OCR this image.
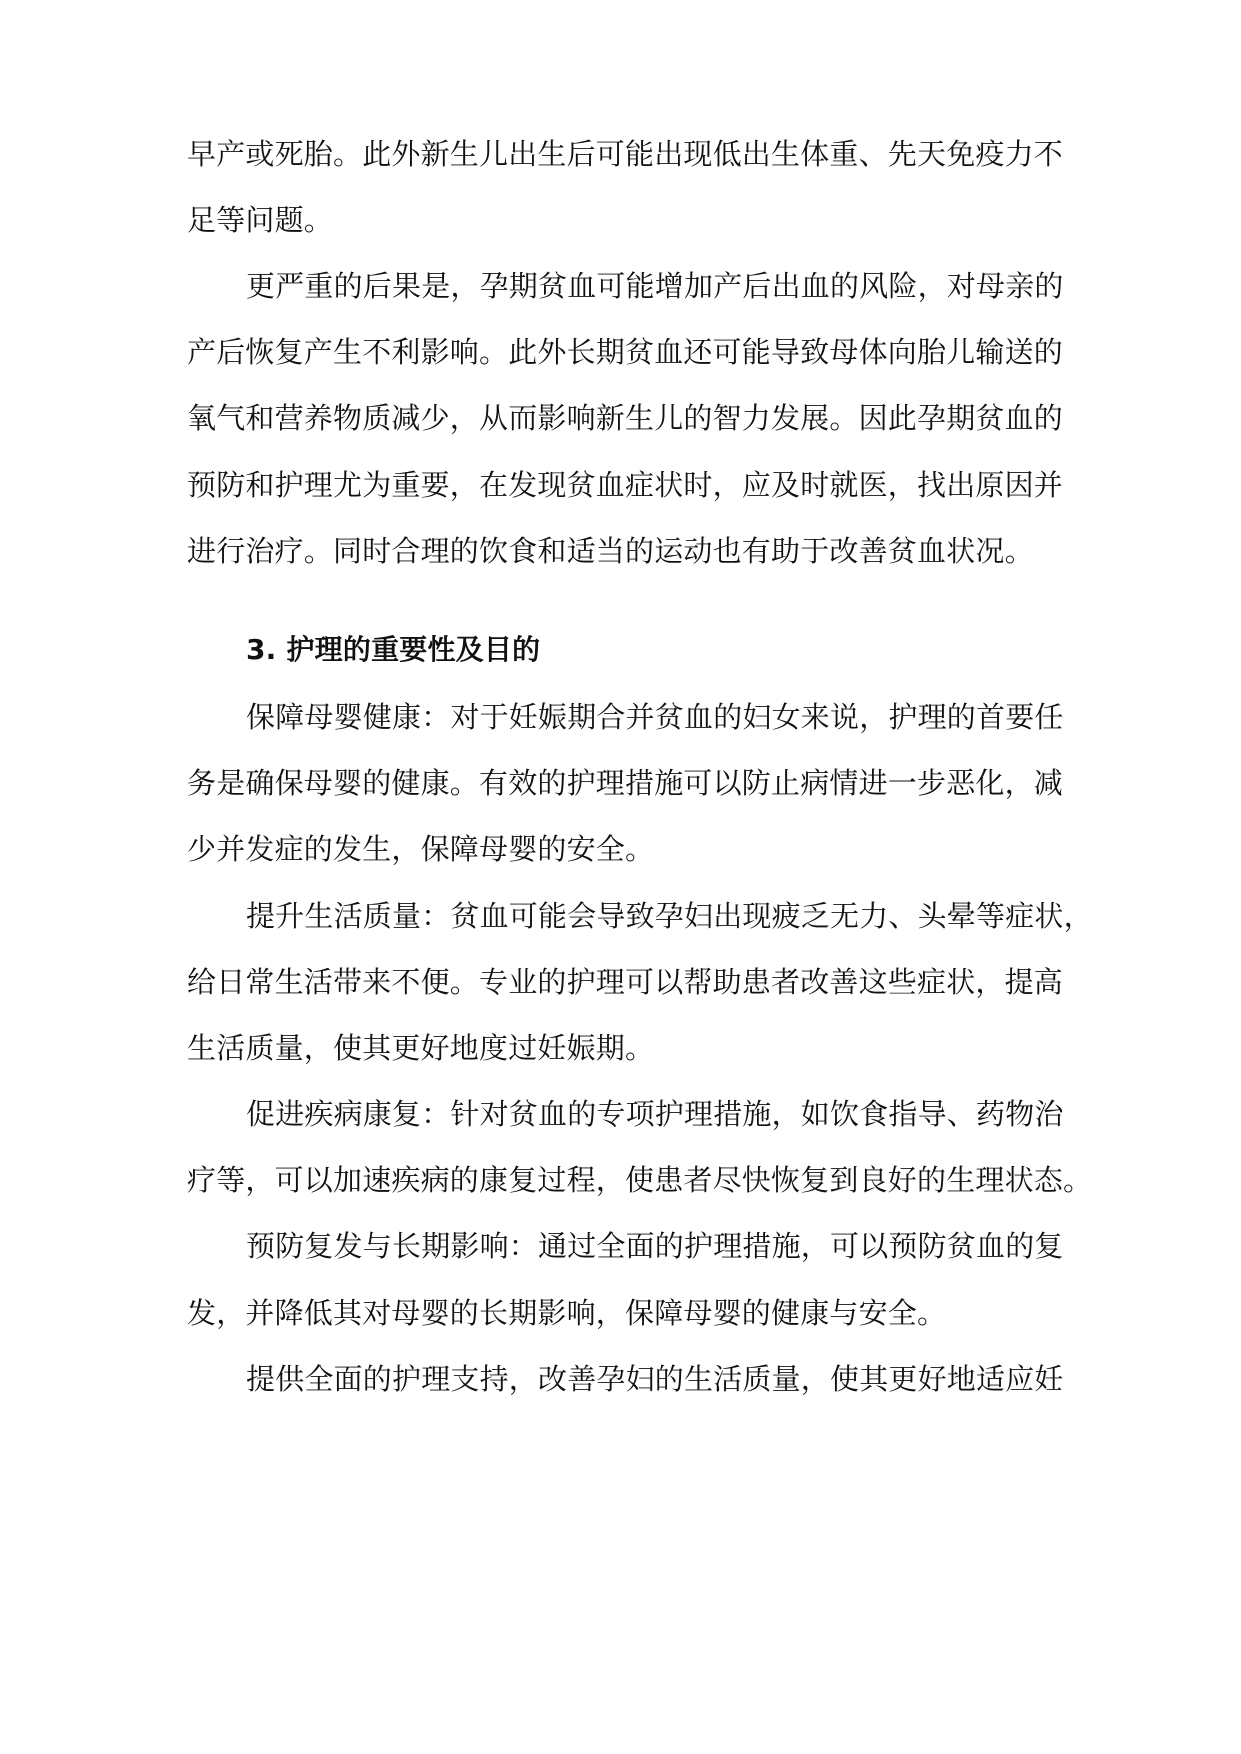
早产或死胎。此外新生儿出生后可能出现低出生体重、先天免疫力不
足等问题。
更严重的后果是，孕期贫血可能增加产后出血的风险，对母亲的
产后恢复产生不利影响。此外长期贫血还可能导致母体向胎儿输送的
氧气和营养物质减少，从而影响新生儿的智力发展。因此孕期贫血的
预防和护理尤为重要，在发现贫血症状时，应及时就医，找出原因并
进行治疗。同时合理的饮食和适当的运动也有助于改善贫血状况。
3. 护理的重要性及目的
保障母婴健康：对于妊娠期合并贫血的妇女来说，护理的首要任
务是确保母婴的健康。有效的护理措施可以防止病情进一步恶化，减
少并发症的发生，保障母婴的安全。
提升生活质量：贫血可能会导致孕妇出现疲乏无力、头晕等症状，
给日常生活带来不便。专业的护理可以帮助患者改善这些症状，提高
生活质量，使其更好地度过妊娠期。
促进疾病康复：针对贫血的专项护理措施，如饮食指导、药物治
疗等，可以加速疾病的康复过程，使患者尽快恢复到良好的生理状态。
预防复发与长期影响：通过全面的护理措施，可以预防贫血的复
发，并降低其对母婴的长期影响，保障母婴的健康与安全。
提供全面的护理支持，改善孕妇的生活质量，使其更好地适应妊
